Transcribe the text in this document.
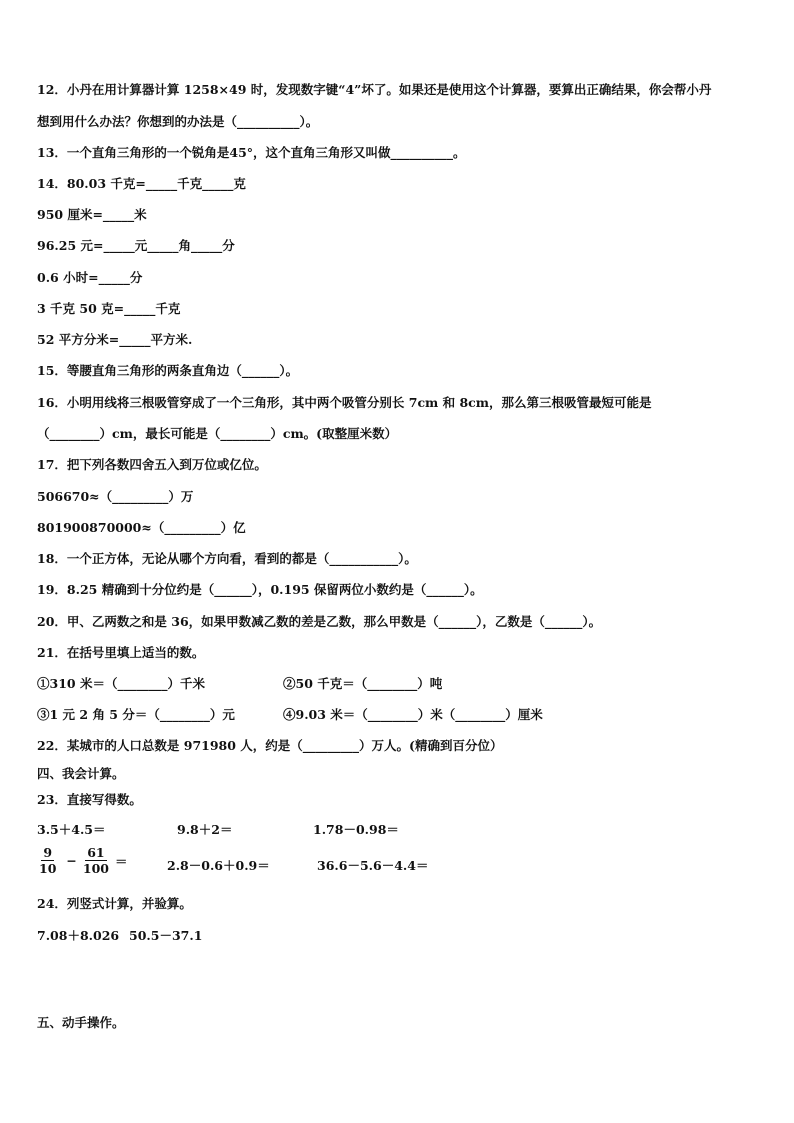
12．小丹在用计算器计算 1258×49 时，发现数字键“4”坏了。如果还是使用这个计算器，要算出正确结果，你会帮小丹
想到用什么办法？你想到的办法是（__________）。
13．一个直角三角形的一个锐角是45°，这个直角三角形又叫做__________。
14．80.03 千克=_____千克_____克
950 厘米=_____米
96.25 元=_____元_____角_____分
0.6 小时=_____分
3 千克 50 克=_____千克
52 平方分米=_____平方米.
15．等腰直角三角形的两条直角边（______）。
16．小明用线将三根吸管穿成了一个三角形，其中两个吸管分别长 7cm 和 8cm，那么第三根吸管最短可能是
（________）cm，最长可能是（________）cm。(取整厘米数）
17．把下列各数四舍五入到万位或亿位。
506670≈（_________）万
801900870000≈（_________）亿
18．一个正方体，无论从哪个方向看，看到的都是（___________）。
19．8.25 精确到十分位约是（______），0.195 保留两位小数约是（______）。
20．甲、乙两数之和是 36，如果甲数减乙数的差是乙数，那么甲数是（______），乙数是（______）。
21．在括号里填上适当的数。
①310 米＝（________）千米	②50 千克＝（________）吨
③1 元 2 角 5 分＝（________）元	④9.03 米＝（________）米（________）厘米
22．某城市的人口总数是 971980 人，约是（_________）万人。(精确到百分位）
四、我会计算。
23．直接写得数。
3.5＋4.5＝	9.8＋2＝	1.78－0.98＝
$\frac{9}{10} - \frac{61}{100}$ ＝	2.8－0.6＋0.9＝	36.6－5.6－4.4＝
24．列竖式计算，并验算。
7.08＋8.026 50.5－37.1
五、动手操作。
